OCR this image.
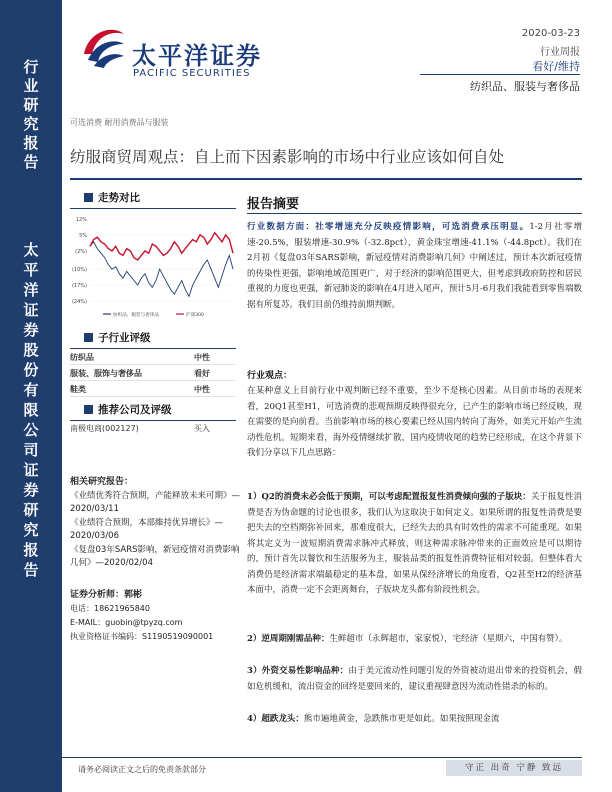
行
业
研
究
报
告
太
平
洋
证
券
股
份
有
限
公
司
证
券
研
究
报
告
太平洋证券
PACIFIC SECURITIES
2020-03-23
行业周报
看好/维持
纺织品、服装与奢侈品
可选消费 耐用消费品与服装
纺服商贸周观点：自上而下因素影响的市场中行业应该如何自处
走势对比
12%
5%
(2%)
(10%)
(17%)
(24%)
纺织品、服装与奢侈品	沪深300
子行业评级
纺织品	中性
服装、服饰与奢侈品	看好
鞋类	中性
推荐公司及评级
南极电商(002127)	买入
相关研究报告：
《业绩优秀符合预期，产能释放未来可期》—2020/03/11
《业绩符合预期，本部維持优异增长》—2020/03/06
《复盘03年SARS影响，新冠疫情对消费影响几何》—2020/02/04
证券分析师：郭彬
电话：18621965840
E-MAIL：guobin@tpyzq.com
执业资格证书编码：S1190519090001
报告摘要
行业数据方面：社零增速充分反映疫情影响，可选消费承压明显。1-2月社零增速-20.5%，服装增速-30.9%（-32.8pct），黄金珠宝增速-41.1%（-44.8pct）。我们在2月初《复盘03年SARS影响，新冠疫情对消费影响几何》中阐述过，预计本次新冠疫情的传染性更强，影响地域范围更广，对于经济的影响范围更大，但考虑到政府防控和居民重视的力度也更强，新冠肺炎的影响在4月进入尾声，预计5月-6月我们我能看到零售端数据有所复苏。我们目前仍维持前期判断。
行业观点：
在某种意义上目前行业中观判断已经不重要，至少不是核心因素。从目前市场的表现来看，20Q1甚至H1，可选消费的悲观预期反映得很充分，已产生的影响市场已经反映，现在需要的是向前看。当前影响市场的核心要素已经从国内转向了海外，如美元开始产生流动性危机。短期来看，海外疫情继续扩散，国内疫情收尾的趋势已经形成，在这个背景下我们分享以下几点思路：
1）Q2的消费未必会低于预期，可以考虑配置报复性消费倾向强的子版块：关于报复性消费是否为伪命题的讨论也很多，我们认为这取决于如何定义。如果所谓的报复性消费是要把失去的空档期弥补回来，那难度很大，已经失去的具有时效性的需求不可能重现。如果将其定义为一波短期消费需求脉冲式释放，则这种需求脉冲带来的正面效应是可以期待的，预计首先以餐饮和生活服务为主，服装品类的报复性消费特征相对较弱。但整体看大消费仍是经济需求端最稳定的基本盘，如果从保经济增长的角度看，Q2甚至H2的经济基本面中，消费一定不会距离舞台，子版块龙头都有阶段性机会。
2）逆周期刚需品种：生鲜超市（永辉超市，家家悦），宅经济（星期六，中国有赞）。
3）外资交易性影响品种：由于美元流动性问题引发的外资被动退出带来的投资机会，假如危机缓和，流出资金的回终是要回来的，建议重视肆意因为流动性错杀的标的。
4）超跌龙头：熊市遍地黄金，急跌熊市更是如此。如果按照现金流
请务必阅读正文之后的免责条款部分	守正 出奇 宁静 致远
